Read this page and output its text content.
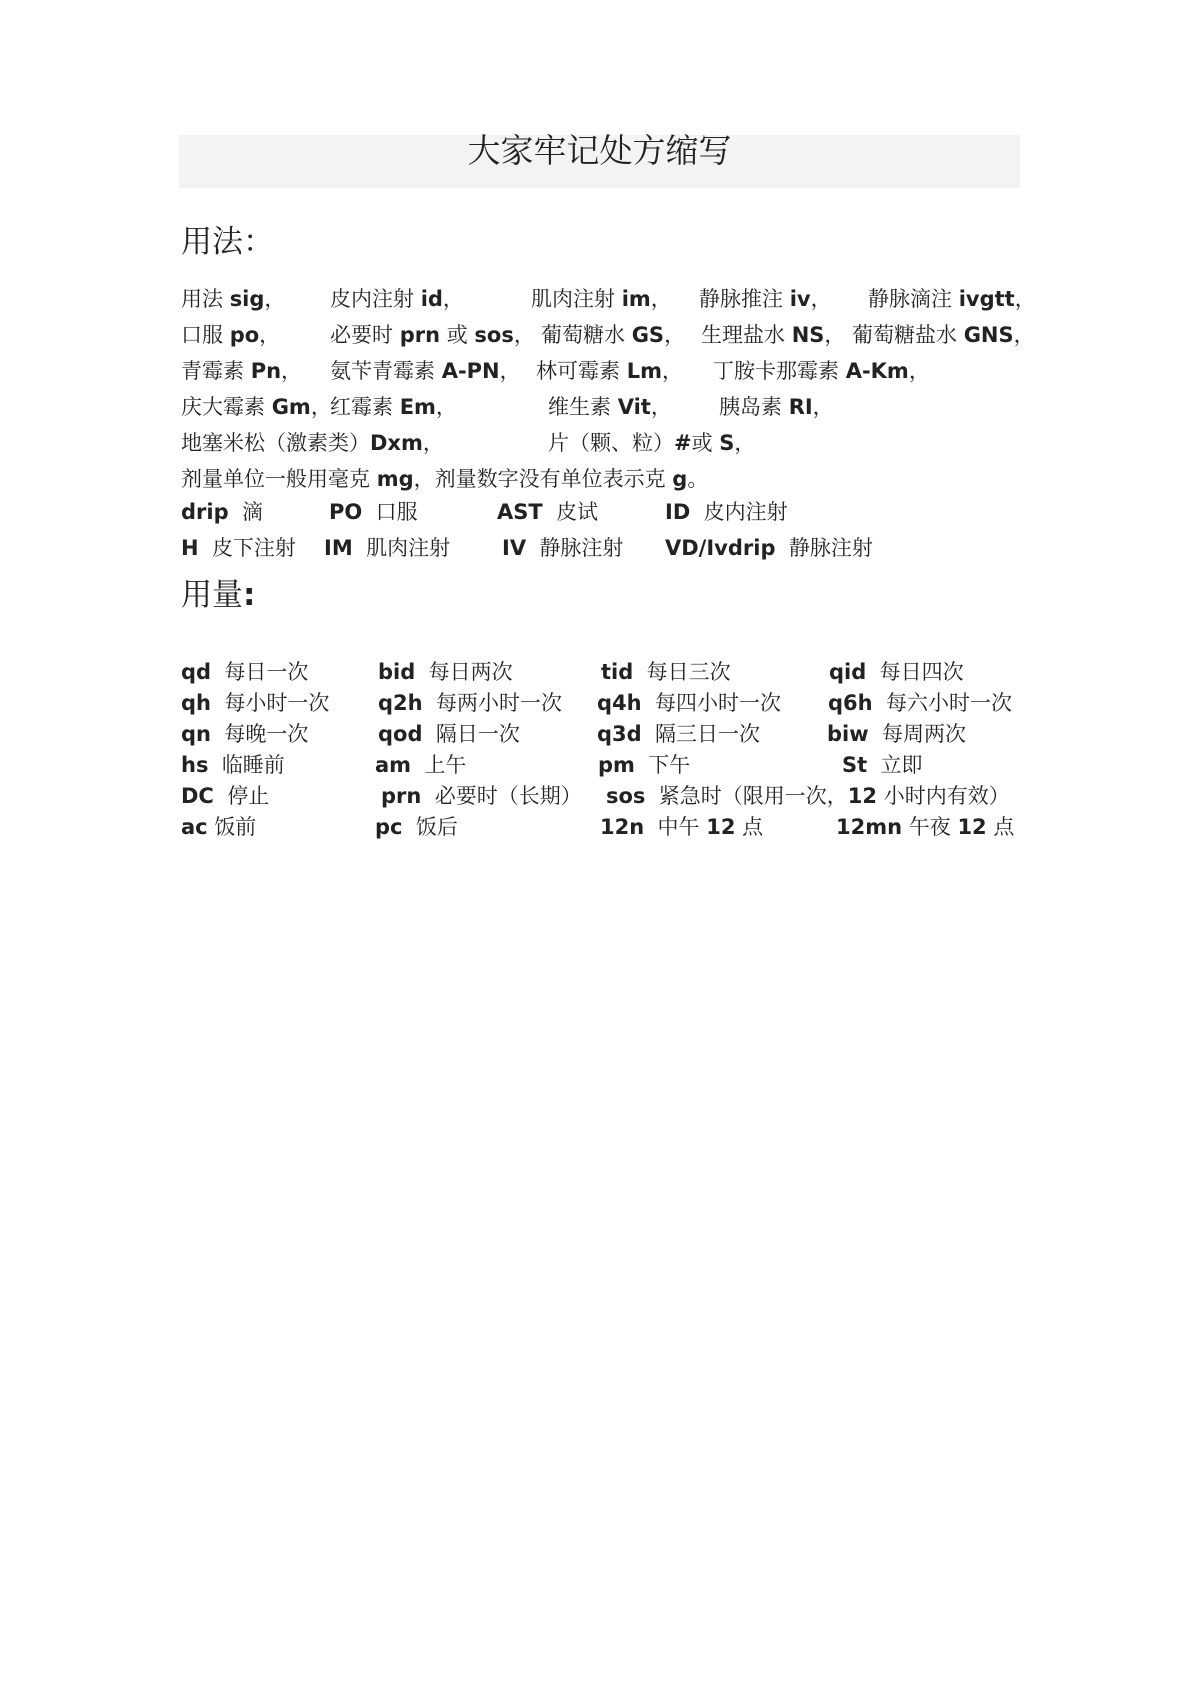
大家牢记处方缩写
用法：
用法 sig， 皮内注射 id，	肌肉注射 im， 静脉推注 iv， 静脉滴注 ivgtt，
口服 po， 必要时 prn 或 sos， 葡萄糖水 GS， 生理盐水 NS， 葡萄糖盐水 GNS，
青霉素 Pn， 氨苄青霉素 A-PN， 林可霉素 Lm， 丁胺卡那霉素 A-Km，
庆大霉素 Gm，
红霉素 Em，	维生素 Vit， 胰岛素 RI，
地塞米松（激素类）Dxm，	片（颗、粒）#或 S，
剂量单位一般用毫克 mg，剂量数字没有单位表示克 g。
drip 滴	PO 口服	AST 皮试	ID 皮内注射
H 皮下注射 IM 肌肉注射 IV 静脉注射 VD/Ivdrip 静脉注射
用量:
qd 每日一次	bid 每日两次	tid 每日三次	qid 每日四次
qh 每小时一次 q2h 每两小时一次 q4h 每四小时一次 q6h 每六小时一次
qn 每晚一次	qod 隔日一次	q3d 隔三日一次	biw 每周两次
hs 临睡前	am 上午	pm 下午	St 立即
DC 停止	prn 必要时（长期） sos 紧急时（限用一次，12 小时内有效）
ac 饭前	pc 饭后	12n 中午 12 点	12mn 午夜 12 点
